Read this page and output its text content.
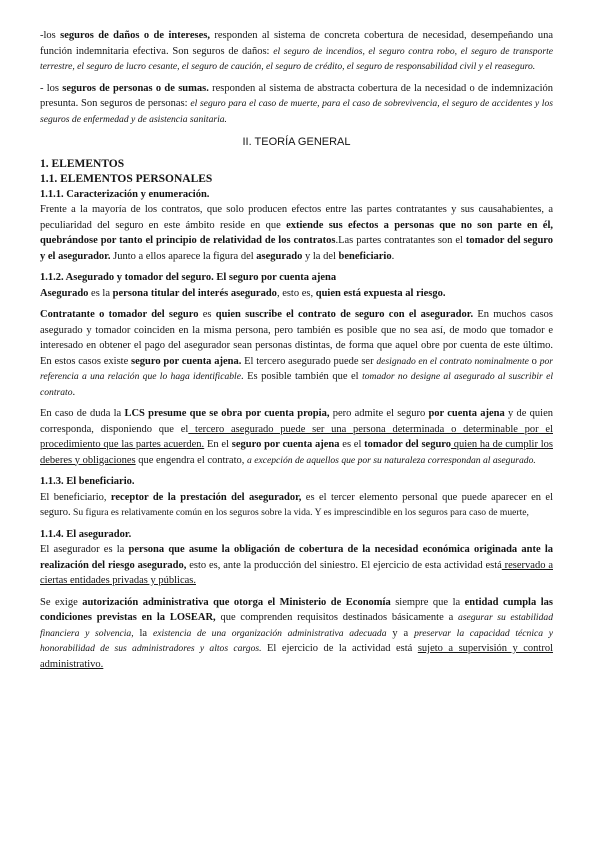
-los seguros de daños o de intereses, responden al sistema de concreta cobertura de necesidad, desempeñando una función indemnitaria efectiva. Son seguros de daños: el seguro de incendios, el seguro contra robo, el seguro de transporte terrestre, el seguro de lucro cesante, el seguro de caución, el seguro de crédito, el seguro de responsabilidad civil y el reaseguro.

- los seguros de personas o de sumas. responden al sistema de abstracta cobertura de la necesidad o de indemnización presunta. Son seguros de personas: el seguro para el caso de muerte, para el caso de sobrevivencia, el seguro de accidentes y los seguros de enfermedad y de asistencia sanitaria.

II. TEORÍA GENERAL
1. ELEMENTOS
1.1. ELEMENTOS PERSONALES
1.1.1. Caracterización y enumeración.

Frente a la mayoría de los contratos, que solo producen efectos entre las partes contratantes y sus causahabientes, a peculiaridad del seguro en este ámbito reside en que extiende sus efectos a personas que no son parte en él, quebrándose por tanto el principio de relatividad de los contratos.Las partes contratantes son el tomador del seguro y el asegurador. Junto a ellos aparece la figura del asegurado y la del beneficiario.

1.1.2. Asegurado y tomador del seguro. El seguro por cuenta ajena

Asegurado es la persona titular del interés asegurado, esto es, quien está expuesta al riesgo.

Contratante o tomador del seguro es quien suscribe el contrato de seguro con el asegurador. En muchos casos asegurado y tomador coinciden en la misma persona, pero también es posible que no sea así, de modo que tomador e interesado en obtener el pago del asegurador sean personas distintas, de forma que aquel obre por cuenta de este último. En estos casos existe seguro por cuenta ajena. El tercero asegurado puede ser designado en el contrato nominalmente o por referencia a una relación que lo haga identificable. Es posible también que el tomador no designe al asegurado al suscribir el contrato.

En caso de duda la LCS presume que se obra por cuenta propia, pero admite el seguro por cuenta ajena y de quien corresponda, disponiendo que el tercero asegurado puede ser una persona determinada o determinable por el procedimiento que las partes acuerden. En el seguro por cuenta ajena es el tomador del seguro quien ha de cumplir los deberes y obligaciones que engendra el contrato, a excepción de aquellos que por su naturaleza correspondan al asegurado.

1.1.3. El beneficiario.

El beneficiario, receptor de la prestación del asegurador, es el tercer elemento personal que puede aparecer en el seguro. Su figura es relativamente común en los seguros sobre la vida. Y es imprescindible en los seguros para caso de muerte,

1.1.4. El asegurador.

El asegurador es la persona que asume la obligación de cobertura de la necesidad económica originada ante la realización del riesgo asegurado, esto es, ante la producción del siniestro. El ejercicio de esta actividad está reservado a ciertas entidades privadas y públicas.

Se exige autorización administrativa que otorga el Ministerio de Economía siempre que la entidad cumpla las condiciones previstas en la LOSEAR, que comprenden requisitos destinados básicamente a asegurar su estabilidad financiera y solvencia, la existencia de una organización administrativa adecuada y a preservar la capacidad técnica y honorabilidad de sus administradores y altos cargos. El ejercicio de la actividad está sujeto a supervisión y control administrativo.
